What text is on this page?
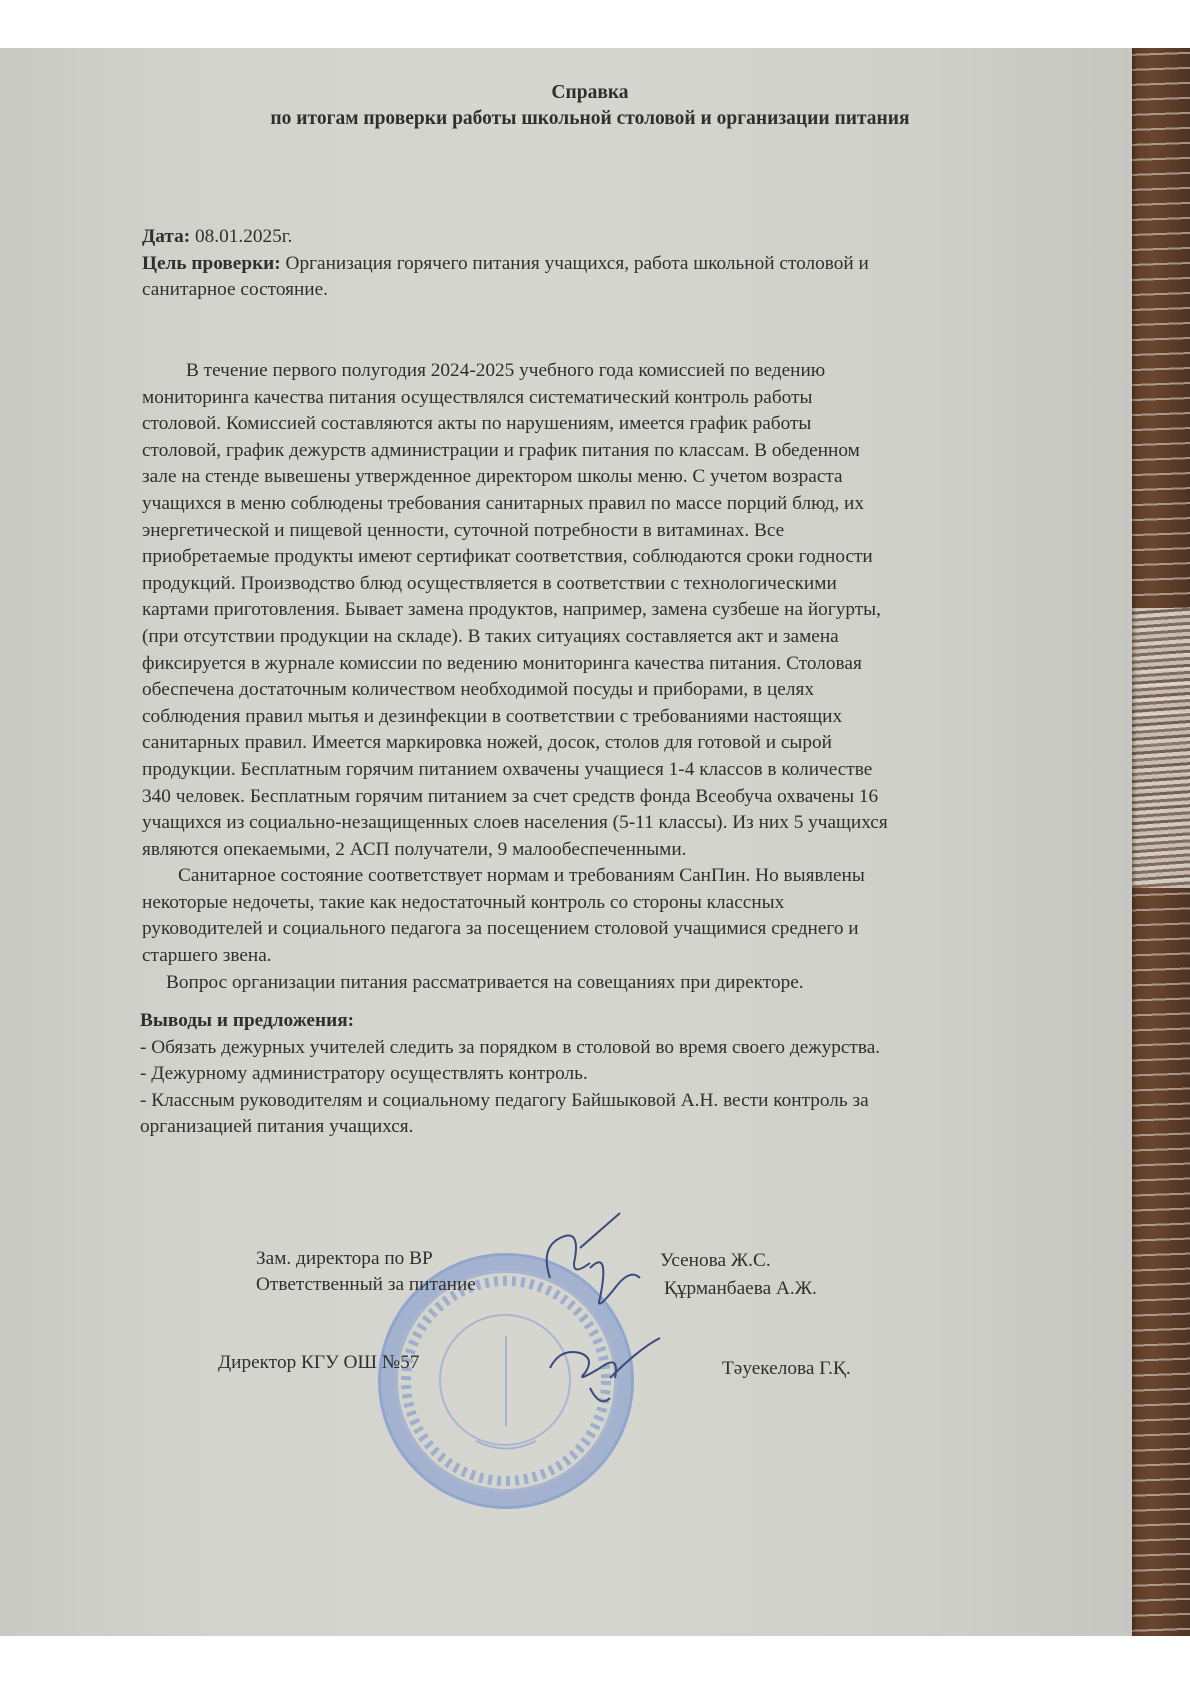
Справка
по итогам проверки работы школьной столовой и организации питания
Дата: 08.01.2025г.
Цель проверки: Организация горячего питания учащихся, работа школьной столовой и
санитарное состояние.
В течение первого полугодия 2024-2025 учебного года комиссией по ведению
мониторинга качества питания осуществлялся систематический контроль работы
столовой. Комиссией составляются акты по нарушениям, имеется график работы
столовой, график дежурств администрации и график питания по классам. В обеденном
зале на стенде вывешены утвержденное директором школы меню. С учетом возраста
учащихся в меню соблюдены требования санитарных правил по массе порций блюд, их
энергетической и пищевой ценности, суточной потребности в витаминах. Все
приобретаемые продукты имеют сертификат соответствия, соблюдаются сроки годности
продукций. Производство блюд осуществляется в соответствии с технологическими
картами приготовления. Бывает замена продуктов, например, замена сузбеше на йогурты,
(при отсутствии продукции на складе). В таких ситуациях составляется акт и замена
фиксируется в журнале комиссии по ведению мониторинга качества питания. Столовая
обеспечена достаточным количеством необходимой посуды и приборами, в целях
соблюдения правил мытья и дезинфекции в соответствии с требованиями настоящих
санитарных правил. Имеется маркировка ножей, досок, столов для готовой и сырой
продукции. Бесплатным горячим питанием охвачены учащиеся 1-4 классов в количестве
340 человек. Бесплатным горячим питанием за счет средств фонда Всеобуча охвачены 16
учащихся из социально-незащищенных слоев населения (5-11 классы). Из них 5 учащихся
являются опекаемыми, 2 АСП получатели, 9 малообеспеченными.
Санитарное состояние соответствует нормам и требованиям СанПин. Но выявлены
некоторые недочеты, такие как недостаточный контроль со стороны классных
руководителей и социального педагога за посещением столовой учащимися среднего и
старшего звена.
Вопрос организации питания рассматривается на совещаниях при директоре.
Выводы и предложения:
- Обязать дежурных учителей следить за порядком в столовой во время своего дежурства.
- Дежурному администратору осуществлять контроль.
- Классным руководителям и социальному педагогу Байшыковой А.Н. вести контроль за
организацией питания учащихся.
Зам. директора по ВР	Усенова Ж.С.
Ответственный за питание	Құрманбаева А.Ж.
Директор КГУ ОШ №57	Тәуекелова Г.Қ.
